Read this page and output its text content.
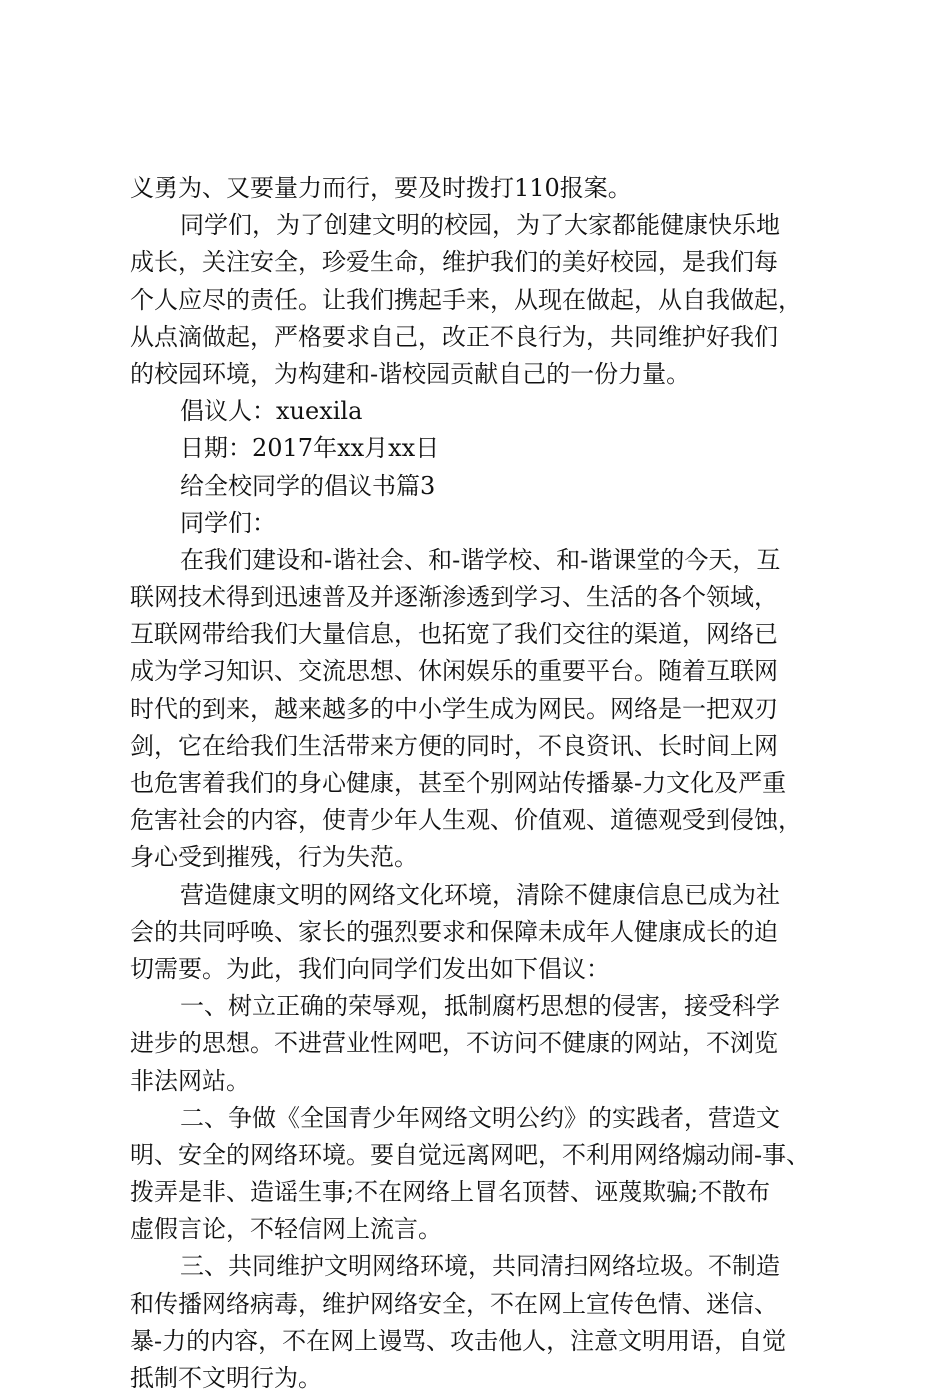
义勇为、又要量力而行，要及时拨打110报案。
同学们，为了创建文明的校园，为了大家都能健康快乐地
成长，关注安全，珍爱生命，维护我们的美好校园，是我们每
个人应尽的责任。让我们携起手来，从现在做起，从自我做起，
从点滴做起，严格要求自己，改正不良行为，共同维护好我们
的校园环境，为构建和-谐校园贡献自己的一份力量。
倡议人：xuexila
日期：2017年xx月xx日
给全校同学的倡议书篇3
同学们：
在我们建设和-谐社会、和-谐学校、和-谐课堂的今天，互
联网技术得到迅速普及并逐渐渗透到学习、生活的各个领域，
互联网带给我们大量信息，也拓宽了我们交往的渠道，网络已
成为学习知识、交流思想、休闲娱乐的重要平台。随着互联网
时代的到来，越来越多的中小学生成为网民。网络是一把双刃
剑，它在给我们生活带来方便的同时，不良资讯、长时间上网
也危害着我们的身心健康，甚至个别网站传播暴-力文化及严重
危害社会的内容，使青少年人生观、价值观、道德观受到侵蚀，
身心受到摧残，行为失范。
营造健康文明的网络文化环境，清除不健康信息已成为社
会的共同呼唤、家长的强烈要求和保障未成年人健康成长的迫
切需要。为此，我们向同学们发出如下倡议：
一、树立正确的荣辱观，抵制腐朽思想的侵害，接受科学
进步的思想。不进营业性网吧，不访问不健康的网站，不浏览
非法网站。
二、争做《全国青少年网络文明公约》的实践者，营造文
明、安全的网络环境。要自觉远离网吧，不利用网络煽动闹-事、
拨弄是非、造谣生事;不在网络上冒名顶替、诬蔑欺骗;不散布
虚假言论，不轻信网上流言。
三、共同维护文明网络环境，共同清扫网络垃圾。不制造
和传播网络病毒，维护网络安全，不在网上宣传色情、迷信、
暴-力的内容，不在网上谩骂、攻击他人，注意文明用语，自觉
抵制不文明行为。
